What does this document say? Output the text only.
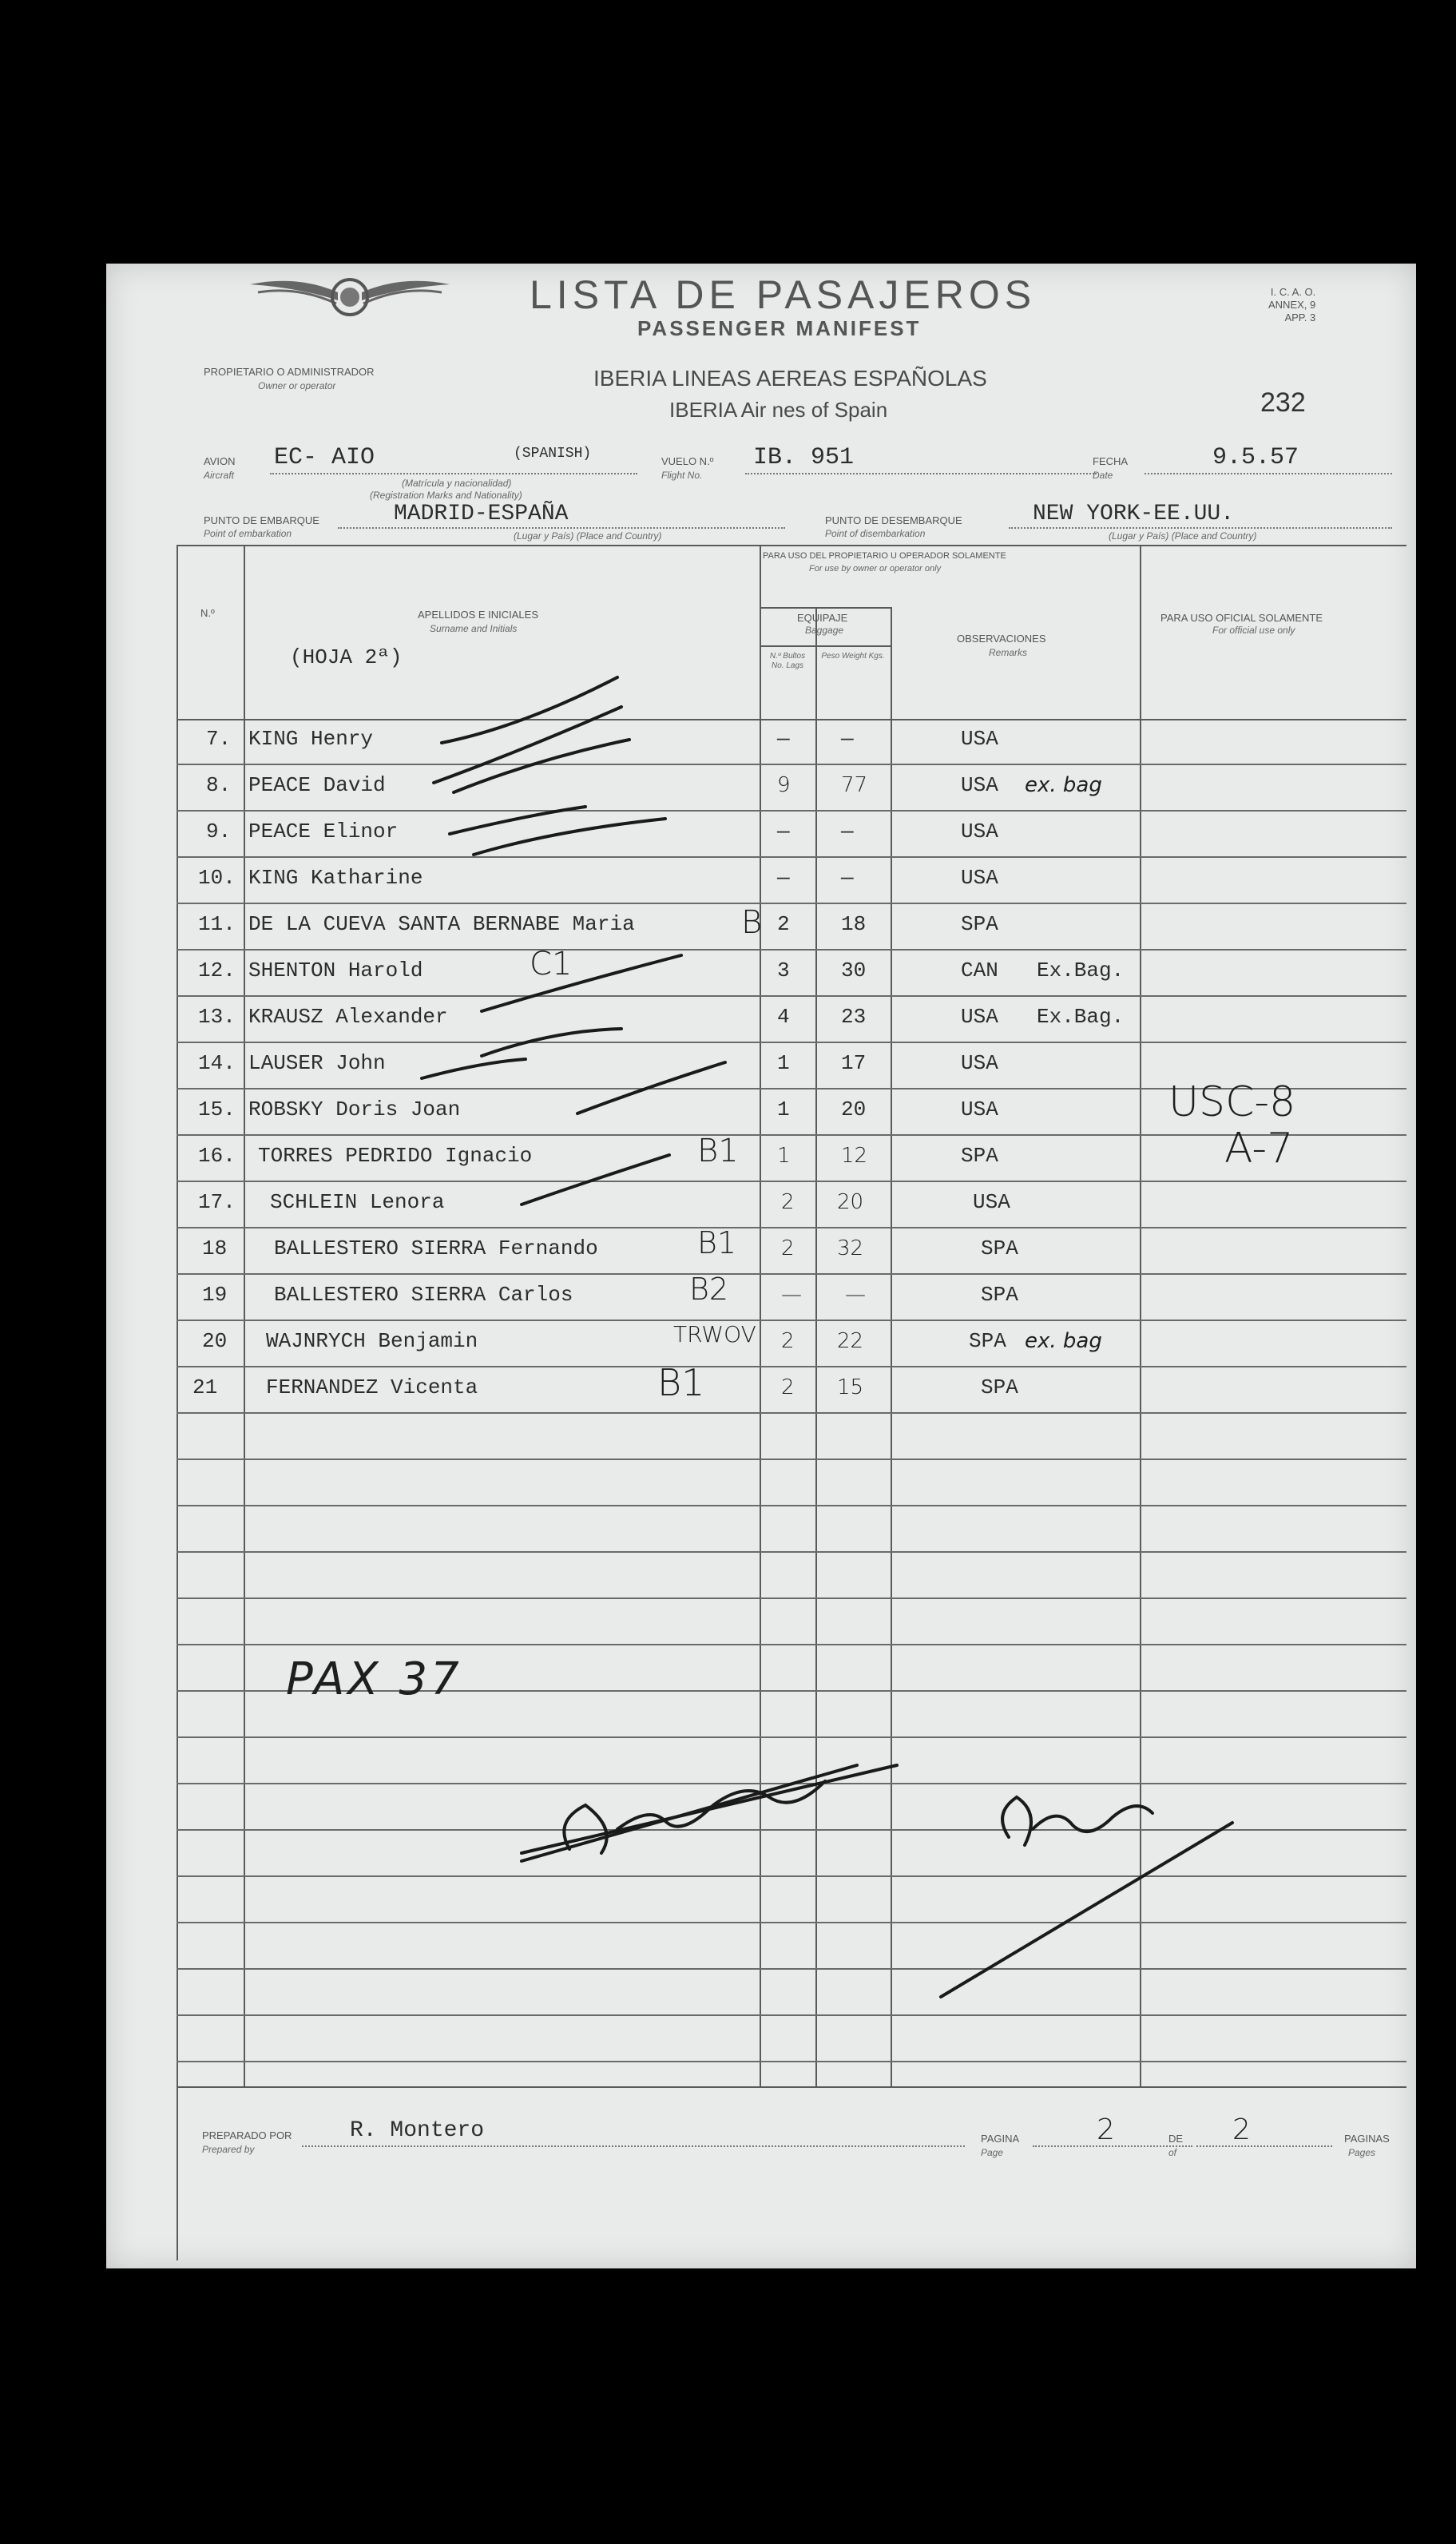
LISTA DE PASAJEROS
PASSENGER MANIFEST
I. C. A. O.
ANNEX, 9
APP. 3
232
PROPIETARIO O ADMINISTRADOR
Owner or operator	IBERIA LINEAS AEREAS ESPAÑOLAS
IBERIA Air nes of Spain
AVION
Aircraft
EC- AIO	(SPANISH)
(Matrícula y nacionalidad)
(Registration Marks and Nationality)
VUELO N.º
Flight No.
IB. 951	FECHA
Date
9.5.57
PUNTO DE EMBARQUE
Point of embarkation
MADRID-ESPAÑA
(Lugar y País) (Place and Country)
PUNTO DE DESEMBARQUE
Point of disembarkation
NEW YORK-EE.UU.
(Lugar y País) (Place and Country)
N.º	APELLIDOS E INICIALES
Surname and Initials
(HOJA 2ª)
PARA USO DEL PROPIETARIO U OPERADOR SOLAMENTE
For use by owner or operator only
EQUIPAJE
Baggage
N.º Bultos No. Lags
Peso Weight Kgs.
OBSERVACIONES
Remarks
PARA USO OFICIAL SOLAMENTE
For official use only
7. KING Henry	— —	USA
8. PEACE David	9 77	USA ex. bag
9. PEACE Elinor	— —	USA
10. KING Katharine	— —	USA
11. DE LA CUEVA SANTA BERNABE Maria	B 2 18	SPA
12. SHENTON Harold	C1	3 30	CAN Ex.Bag.
13. KRAUSZ Alexander	4 23	USA Ex.Bag.
14. LAUSER John	1 17	USA
15. ROBSKY Doris Joan	1 20	USA
16. TORRES PEDRIDO Ignacio	B1 1 12	SPA
17. SCHLEIN Lenora	2 20	USA
18 BALLESTERO SIERRA Fernando	B1 2 32	SPA
19 BALLESTERO SIERRA Carlos	B2	— —	SPA
20 WAJNRYCH Benjamin	TRWOV 2 22	SPA ex. bag
21 FERNANDEZ Vicenta	B1	2 15	SPA
USC-8
A-7
PAX 37
PREPARADO POR
Prepared by
R. Montero	PAGINA
Page
2	DE
of
2	PAGINAS
Pages
